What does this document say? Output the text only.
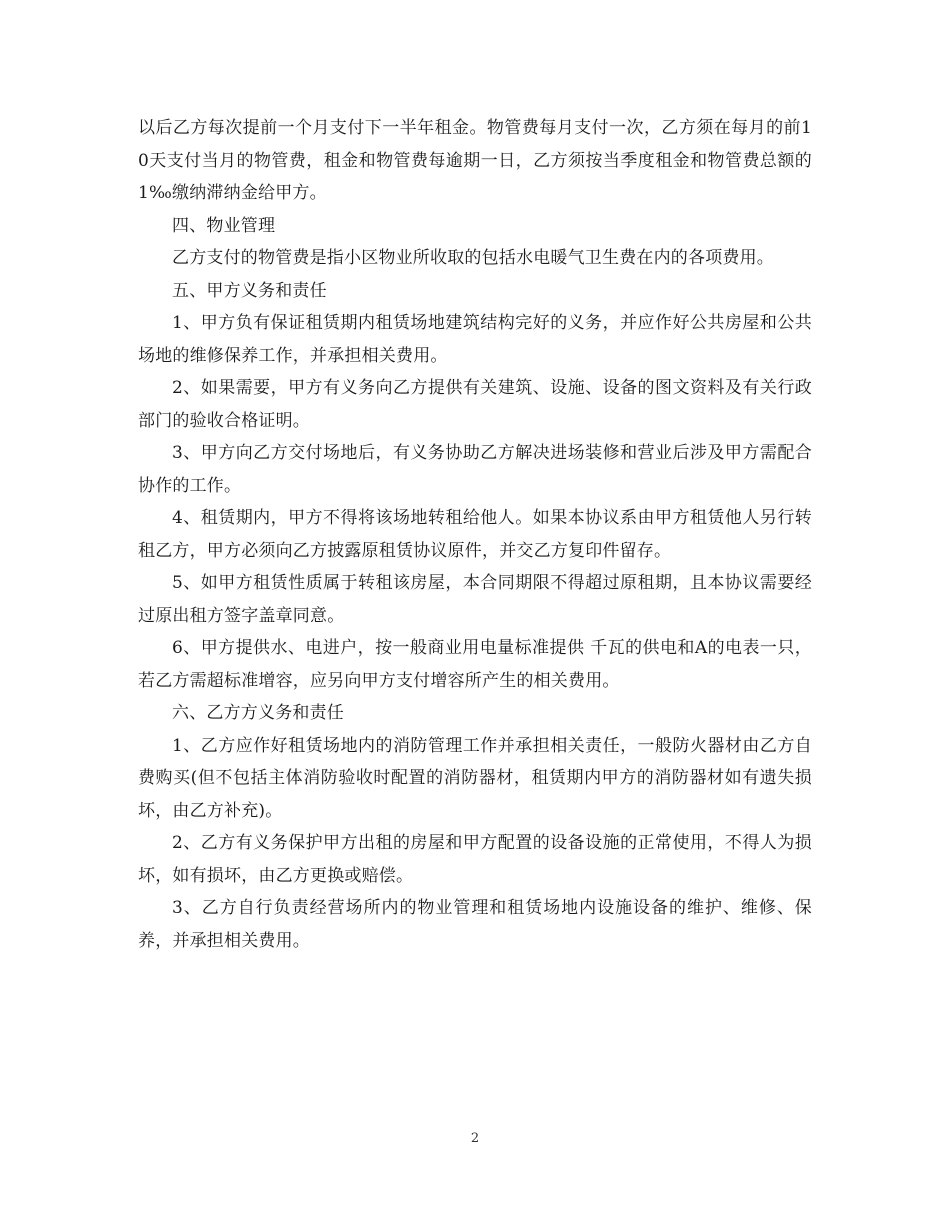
以后乙方每次提前一个月支付下一半年租金。物管费每月支付一次，乙方须在每月的前10天支付当月的物管费，租金和物管费每逾期一日，乙方须按当季度租金和物管费总额的1‰缴纳滞纳金给甲方。

四、物业管理

乙方支付的物管费是指小区物业所收取的包括水电暖气卫生费在内的各项费用。

五、甲方义务和责任

1、甲方负有保证租赁期内租赁场地建筑结构完好的义务，并应作好公共房屋和公共场地的维修保养工作，并承担相关费用。

2、如果需要，甲方有义务向乙方提供有关建筑、设施、设备的图文资料及有关行政部门的验收合格证明。

3、甲方向乙方交付场地后，有义务协助乙方解决进场装修和营业后涉及甲方需配合协作的工作。

4、租赁期内，甲方不得将该场地转租给他人。如果本协议系由甲方租赁他人另行转租乙方，甲方必须向乙方披露原租赁协议原件，并交乙方复印件留存。

5、如甲方租赁性质属于转租该房屋，本合同期限不得超过原租期，且本协议需要经过原出租方签字盖章同意。

6、甲方提供水、电进户，按一般商业用电量标准提供 千瓦的供电和A的电表一只，若乙方需超标准增容，应另向甲方支付增容所产生的相关费用。

六、乙方方义务和责任

1、乙方应作好租赁场地内的消防管理工作并承担相关责任，一般防火器材由乙方自费购买(但不包括主体消防验收时配置的消防器材，租赁期内甲方的消防器材如有遗失损坏，由乙方补充)。

2、乙方有义务保护甲方出租的房屋和甲方配置的设备设施的正常使用，不得人为损坏，如有损坏，由乙方更换或赔偿。

3、乙方自行负责经营场所内的物业管理和租赁场地内设施设备的维护、维修、保养，并承担相关费用。

2
